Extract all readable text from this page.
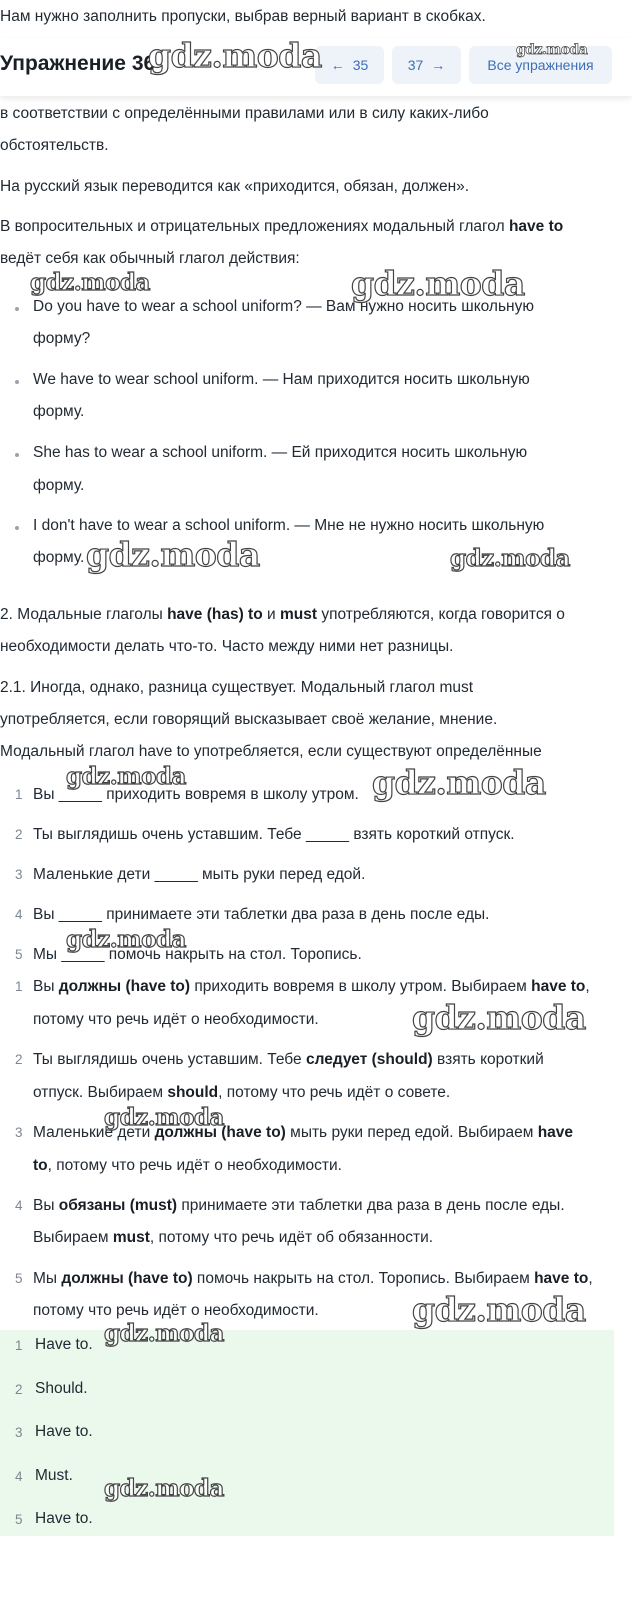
Нам нужно заполнить пропуски, выбрав верный вариант в скобках.

Упражнение 36	← 35	37 →	Все упражнения

в соответствии с определёнными правилами или в силу каких-либо

обстоятельств.

На русский язык переводится как «приходится, обязан, должен».

В вопросительных и отрицательных предложениях модальный глагол have to

ведёт себя как обычный глагол действия:

Do you have to wear a school uniform? — Вам нужно носить школьную
форму?
We have to wear school uniform. — Нам приходится носить школьную
форму.
She has to wear a school uniform. — Ей приходится носить школьную
форму.
I don't have to wear a school uniform. — Мне не нужно носить школьную
форму.

2. Модальные глаголы have (has) to и must употребляются, когда говорится о

необходимости делать что-то. Часто между ними нет разницы.

2.1. Иногда, однако, разница существует. Модальный глагол must

употребляется, если говорящий высказывает своё желание, мнение.

Модальный глагол have to употребляется, если существуют определённые

1 Вы _____ приходить вовремя в школу утром.
2 Ты выглядишь очень уставшим. Тебе _____ взять короткий отпуск.
3 Маленькие дети _____ мыть руки перед едой.
4 Вы _____ принимаете эти таблетки два раза в день после еды.
5 Мы _____ помочь накрыть на стол. Торопись.
1 Вы должны (have to) приходить вовремя в школу утром. Выбираем have to,
потому что речь идёт о необходимости.
2 Ты выглядишь очень уставшим. Тебе следует (should) взять короткий
отпуск. Выбираем should, потому что речь идёт о совете.
3 Маленькие дети должны (have to) мыть руки перед едой. Выбираем have
to, потому что речь идёт о необходимости.
4 Вы обязаны (must) принимаете эти таблетки два раза в день после еды.
Выбираем must, потому что речь идёт об обязанности.
5 Мы должны (have to) помочь накрыть на стол. Торопись. Выбираем have to,
потому что речь идёт о необходимости.
1 Have to.
2 Should.
3 Have to.
4 Must.
5 Have to.
gdz.moda	gdz.moda
gdz.moda	gdz.moda
gdz.moda	gdz.moda
gdz.moda	gdz.moda
gdz.moda
gdz.moda
gdz.moda
gdz.moda
gdz.moda
gdz.moda
